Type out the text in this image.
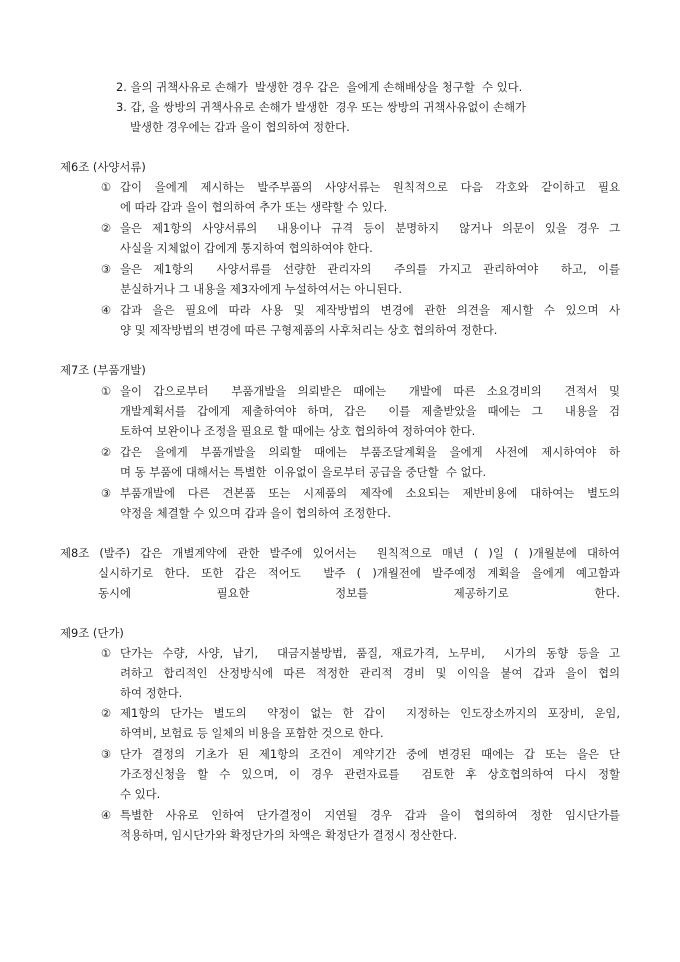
2. 을의 귀책사유로 손해가  발생한 경우 갑은  을에게 손해배상을 청구할  수 있다.
3. 갑, 을 쌍방의 귀책사유로 손해가 발생한  경우 또는 쌍방의 귀책사유없이 손해가
발생한 경우에는 갑과 을이 협의하여 정한다.
제6조 (사양서류)
① 갑이 을에게 제시하는 발주부품의 사양서류는 원칙적으로 다음 각호와 같이하고 필요
에 따라 갑과 을이 협의하여 추가 또는 생략할 수 있다.
② 을은 제1항의 사양서류의  내용이나 규격 등이 분명하지  않거나 의문이 있을 경우 그
사실을 지체없이 갑에게 통지하여 협의하여야 한다.
③ 을은 제1항의  사양서류를 선량한 관리자의  주의를 가지고 관리하여야  하고, 이를
분실하거나 그 내용을 제3자에게 누설하여서는 아니된다.
④ 갑과 을은 필요에 따라 사용 및 제작방법의 변경에 관한 의견을 제시할 수 있으며 사
양 및 제작방법의 변경에 따른 구형제품의 사후처리는 상호 협의하여 정한다.
제7조 (부품개발)
① 을이 갑으로부터  부품개발을 의뢰받은 때에는  개발에 따른 소요경비의  견적서 및
개발계획서를 갑에게 제출하여야 하며, 갑은  이를 제출받았을 때에는 그  내용을 검
토하여 보완이나 조정을 필요로 할 때에는 상호 협의하여 정하여야 한다.
② 갑은 을에게 부품개발을 의뢰할 때에는 부품조달계획을 을에게 사전에 제시하여야 하
며 동 부품에 대해서는 특별한  이유없이 을로부터 공급을 중단할  수 없다.
③ 부품개발에 다른 견본품 또는 시제품의 제작에 소요되는 제반비용에 대하여는 별도의
약정을 체결할 수 있으며 갑과 을이 협의하여 조정한다.
제8조 (발주) 갑은 개별계약에 관한 발주에 있어서는  원칙적으로 매년 ( )일 ( )개월분에 대하여
실시하기로 한다. 또한 갑은 적어도  발주 ( )개월전에 발주예정 계획을 을에게 예고함과
동시에 필요한 정보를 제공하기로 한다.
제9조 (단가)
① 단가는 수량, 사양, 납기,  대금지불방법, 품질, 재료가격, 노무비,  시가의 동향 등을 고
려하고 합리적인 산정방식에 따른 적정한 관리적 경비 및 이익을 붙여 갑과 을이 협의
하여 정한다.
② 제1항의 단가는 별도의  약정이 없는 한 갑이  지정하는 인도장소까지의 포장비, 운임,
하역비, 보험료 등 일체의 비용을 포함한 것으로 한다.
③ 단가 결정의 기초가 된 제1항의 조건이 계약기간 중에 변경된 때에는 갑 또는 을은 단
가조정신청을 할 수 있으며, 이 경우 관련자료를  검토한 후 상호협의하여 다시 정할
수 있다.
④ 특별한 사유로 인하여 단가결정이 지연될 경우 갑과 을이 협의하여 정한 임시단가를
적용하며, 임시단가와 확정단가의 차액은 확정단가 결정시 정산한다.
